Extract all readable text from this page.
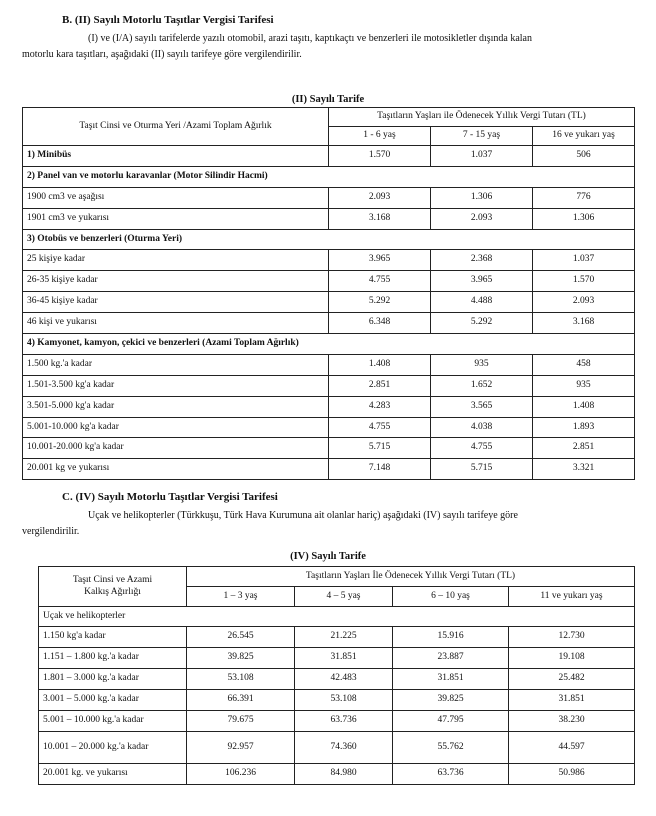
B. (II) Sayılı Motorlu Taşıtlar Vergisi Tarifesi
(I) ve (I/A) sayılı tarifelerde yazılı otomobil, arazi taşıtı, kaptıkaçtı ve benzerleri ile motosikletler dışında kalan
motorlu kara taşıtları, aşağıdaki (II) sayılı tarifeye göre vergilendirilir.
(II) Sayılı Tarife
Taşıt Cinsi ve Oturma Yeri /Azami Toplam Ağırlık	Taşıtların Yaşları ile Ödenecek Yıllık Vergi Tutarı (TL)		
	1 - 6 yaş	7 - 15 yaş	16 ve yukarı yaş
1) Minibüs	1.570	1.037	506
2) Panel van ve motorlu karavanlar (Motor Silindir Hacmi)			
1900 cm3 ve aşağısı	2.093	1.306	776
1901 cm3 ve yukarısı	3.168	2.093	1.306
3) Otobüs ve benzerleri (Oturma Yeri)			
25 kişiye kadar	3.965	2.368	1.037
26-35 kişiye kadar	4.755	3.965	1.570
36-45 kişiye kadar	5.292	4.488	2.093
46 kişi ve yukarısı	6.348	5.292	3.168
4) Kamyonet, kamyon, çekici ve benzerleri (Azami Toplam Ağırlık)			
1.500 kg.'a kadar	1.408	935	458
1.501-3.500 kg'a kadar	2.851	1.652	935
3.501-5.000 kg'a kadar	4.283	3.565	1.408
5.001-10.000 kg'a kadar	4.755	4.038	1.893
10.001-20.000 kg'a kadar	5.715	4.755	2.851
20.001 kg ve yukarısı	7.148	5.715	3.321
C. (IV) Sayılı Motorlu Taşıtlar Vergisi Tarifesi
Uçak ve helikopterler (Türkkuşu, Türk Hava Kurumuna ait olanlar hariç) aşağıdaki (IV) sayılı tarifeye göre
vergilendirilir.
(IV) Sayılı Tarife
Taşıt Cinsi ve Azami
Kalkış Ağırlığı	Taşıtların Yaşları İle Ödenecek Yıllık Vergi Tutarı (TL)			
	1 – 3 yaş	4 – 5 yaş	6 – 10 yaş	11 ve yukarı yaş
Uçak ve helikopterler				
1.150 kg'a kadar	26.545	21.225	15.916	12.730
1.151 – 1.800 kg.'a kadar	39.825	31.851	23.887	19.108
1.801 – 3.000 kg.'a kadar	53.108	42.483	31.851	25.482
3.001 – 5.000 kg.'a kadar	66.391	53.108	39.825	31.851
5.001 – 10.000 kg.'a kadar	79.675	63.736	47.795	38.230
10.001 – 20.000 kg.'a kadar	92.957	74.360	55.762	44.597
20.001 kg. ve yukarısı	106.236	84.980	63.736	50.986
